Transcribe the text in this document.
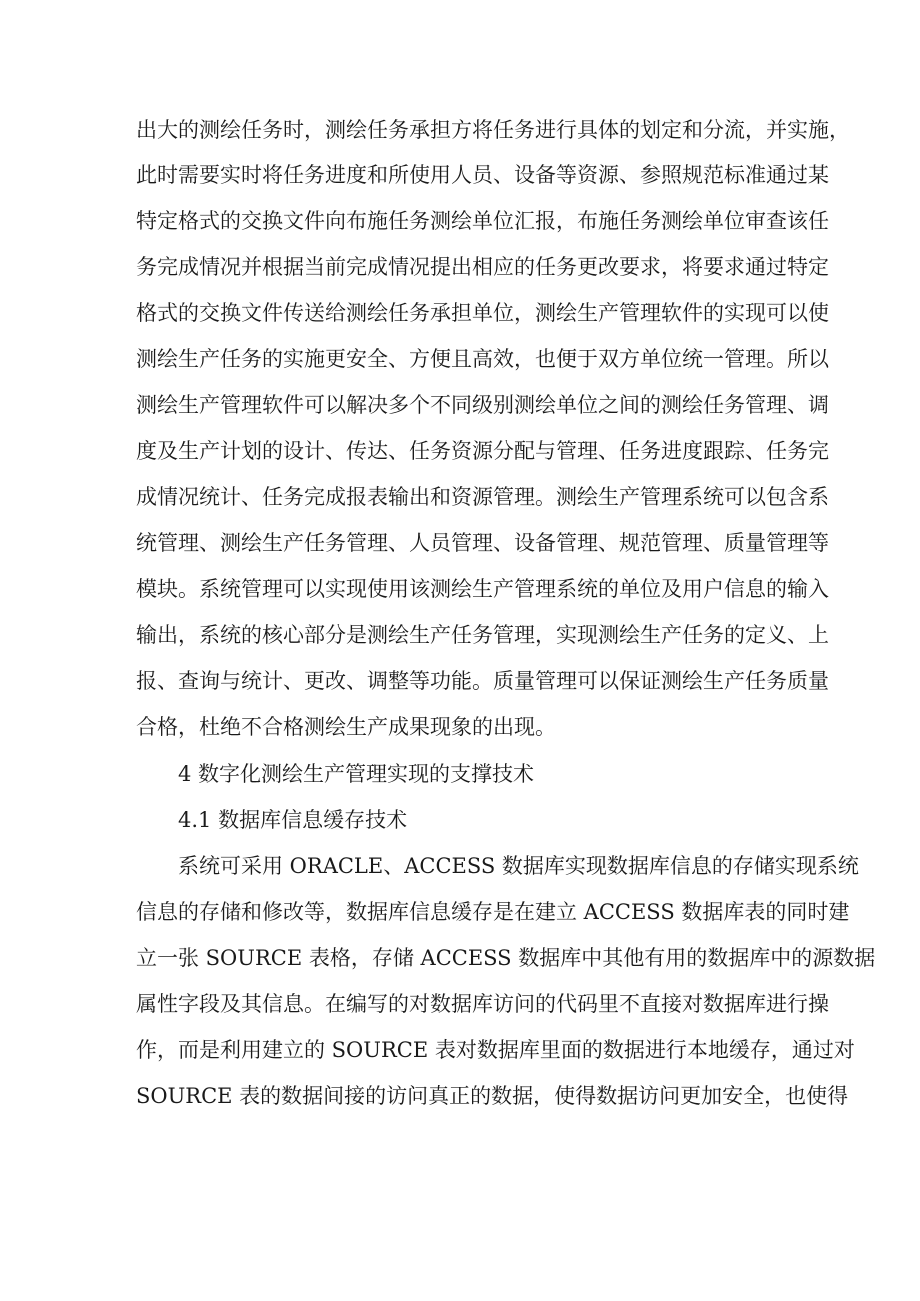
出大的测绘任务时，测绘任务承担方将任务进行具体的划定和分流，并实施，
此时需要实时将任务进度和所使用人员、设备等资源、参照规范标准通过某
特定格式的交换文件向布施任务测绘单位汇报，布施任务测绘单位审查该任
务完成情况并根据当前完成情况提出相应的任务更改要求，将要求通过特定
格式的交换文件传送给测绘任务承担单位，测绘生产管理软件的实现可以使
测绘生产任务的实施更安全、方便且高效，也便于双方单位统一管理。所以
测绘生产管理软件可以解决多个不同级别测绘单位之间的测绘任务管理、调
度及生产计划的设计、传达、任务资源分配与管理、任务进度跟踪、任务完
成情况统计、任务完成报表输出和资源管理。测绘生产管理系统可以包含系
统管理、测绘生产任务管理、人员管理、设备管理、规范管理、质量管理等
模块。系统管理可以实现使用该测绘生产管理系统的单位及用户信息的输入
输出，系统的核心部分是测绘生产任务管理，实现测绘生产任务的定义、上
报、查询与统计、更改、调整等功能。质量管理可以保证测绘生产任务质量
合格，杜绝不合格测绘生产成果现象的出现。
4 数字化测绘生产管理实现的支撑技术
4.1 数据库信息缓存技术
系统可采用 ORACLE、ACCESS 数据库实现数据库信息的存储实现系统
信息的存储和修改等，数据库信息缓存是在建立 ACCESS 数据库表的同时建
立一张 SOURCE 表格，存储 ACCESS 数据库中其他有用的数据库中的源数据
属性字段及其信息。在编写的对数据库访问的代码里不直接对数据库进行操
作，而是利用建立的 SOURCE 表对数据库里面的数据进行本地缓存，通过对
SOURCE 表的数据间接的访问真正的数据，使得数据访问更加安全，也使得
